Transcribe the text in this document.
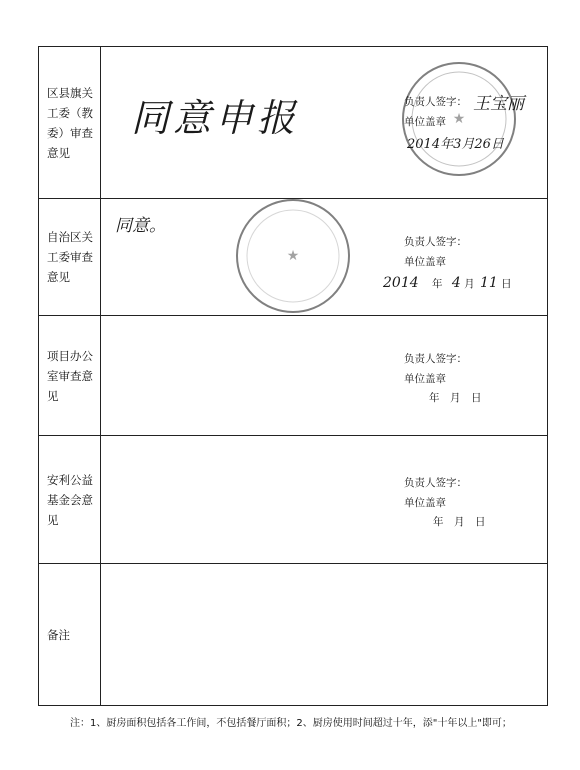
区县旗关工委（教委）审查意见
同意申报	★
负责人签字： 王宝丽
单位盖章
2014年3月26日
自治区关工委审查意见
同意。
★
负责人签字：
单位盖章
2014 年 4 月 11 日
项目办公室审查意见
负责人签字：
单位盖章
年　月　日
安利公益基金会意见
负责人签字：
单位盖章
年　月　日
备注
注：1、厨房面积包括各工作间，不包括餐厅面积；2、厨房使用时间超过十年，添"十年以上"即可；
